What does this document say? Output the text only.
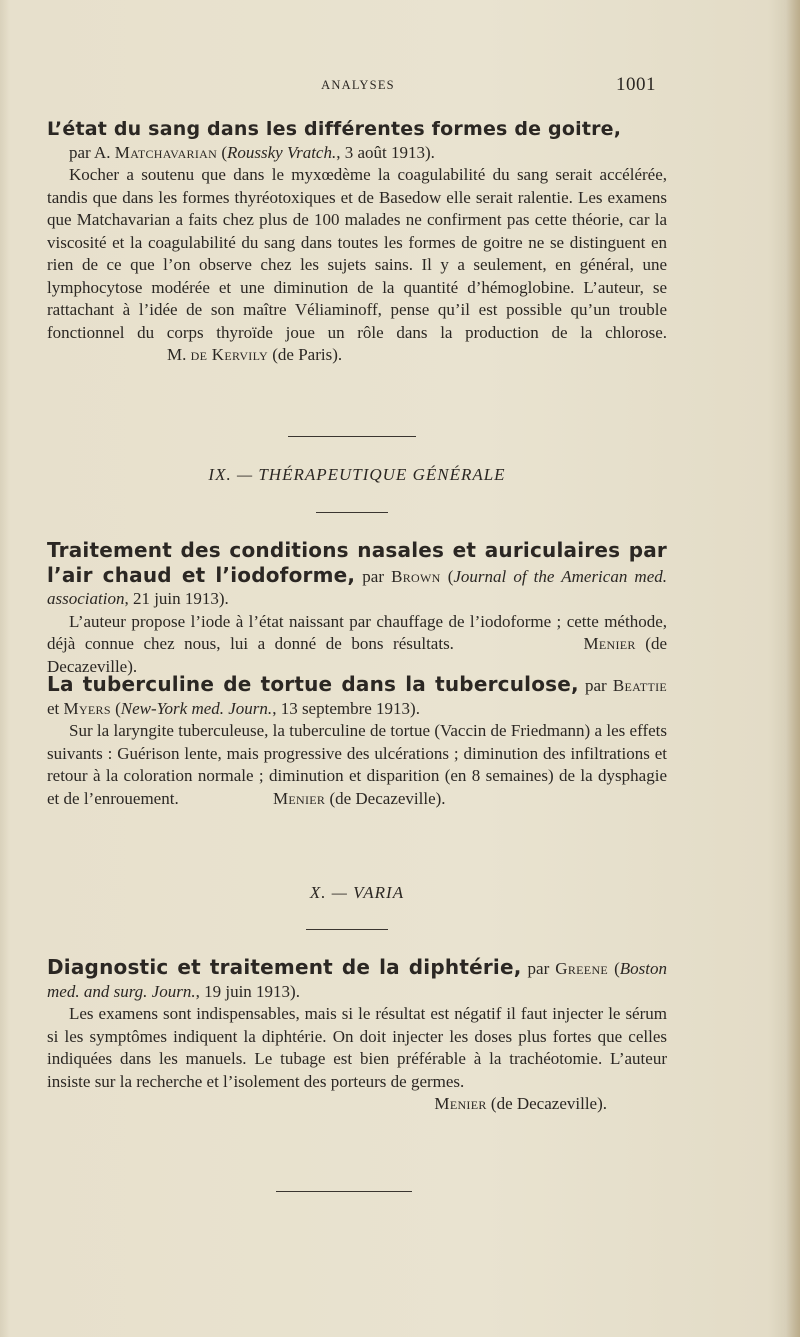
ANALYSES	1001
L’état du sang dans les différentes formes de goitre,
par A. Matchavarian (Roussky Vratch., 3 août 1913).
Kocher a soutenu que dans le myxœdème la coagulabilité du sang serait accélérée, tandis que dans les formes thyréotoxiques et de Basedow elle serait ralentie. Les examens que Matchavarian a faits chez plus de 100 malades ne confirment pas cette théorie, car la viscosité et la coagulabilité du sang dans toutes les formes de goitre ne se distinguent en rien de ce que l’on observe chez les sujets sains. Il y a seulement, en général, une lymphocytose modérée et une diminution de la quantité d’hémoglobine. L’auteur, se rattachant à l’idée de son maître Véliaminoff, pense qu’il est possible qu’un trouble fonctionnel du corps thyroïde joue un rôle dans la production de la chlorose. M. de Kervily (de Paris).
IX. — THÉRAPEUTIQUE GÉNÉRALE
Traitement des conditions nasales et auriculaires par l’air chaud et l’iodoforme, par Brown (Journal of the American med. association, 21 juin 1913).
L’auteur propose l’iode à l’état naissant par chauffage de l’iodoforme ; cette méthode, déjà connue chez nous, lui a donné de bons résultats.	Menier (de Decazeville).
La tuberculine de tortue dans la tuberculose, par Beattie et Myers (New-York med. Journ., 13 septembre 1913).
Sur la laryngite tuberculeuse, la tuberculine de tortue (Vaccin de Friedmann) a les effets suivants : Guérison lente, mais progressive des ulcérations ; diminution des infiltrations et retour à la coloration normale ; diminution et disparition (en 8 semaines) de la dysphagie et de l’enrouement.	Menier (de Decazeville).
X. — VARIA
Diagnostic et traitement de la diphtérie, par Greene (Boston med. and surg. Journ., 19 juin 1913).
Les examens sont indispensables, mais si le résultat est négatif il faut injecter le sérum si les symptômes indiquent la diphtérie. On doit injecter les doses plus fortes que celles indiquées dans les manuels. Le tubage est bien préférable à la trachéotomie. L’auteur insiste sur la recherche et l’isolement des porteurs de germes.
Menier (de Decazeville).
